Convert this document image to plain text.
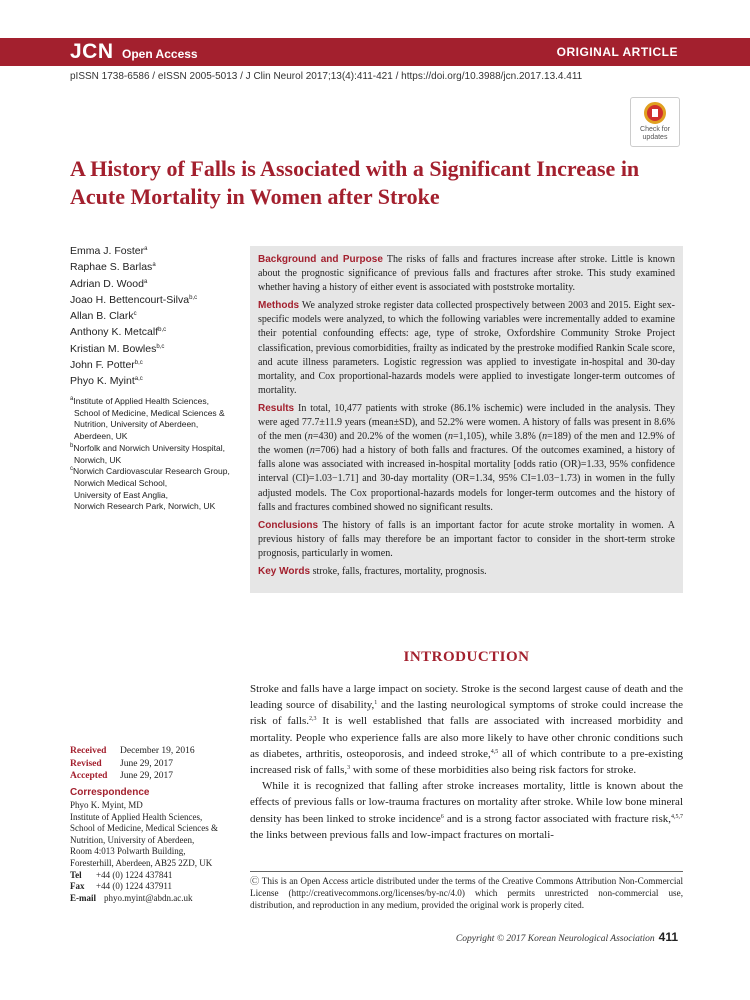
JCN Open Access	ORIGINAL ARTICLE
pISSN 1738-6586 / eISSN 2005-5013 / J Clin Neurol 2017;13(4):411-421 / https://doi.org/10.3988/jcn.2017.13.4.411
Check for
updates
A History of Falls is Associated with a Significant Increase in Acute Mortality in Women after Stroke
Emma J. Foster$^a$
Raphae S. Barlas$^a$
Adrian D. Wood$^a$
Joao H. Bettencourt-Silva$^{b,c}$
Allan B. Clark$^c$
Anthony K. Metcalf$^{b,c}$
Kristian M. Bowles$^{b,c}$
John F. Potter$^{b,c}$
Phyo K. Myint$^{a,c}$

$^a$Institute of Applied Health Sciences,
School of Medicine, Medical Sciences &
Nutrition, University of Aberdeen,
Aberdeen, UK

$^b$Norfolk and Norwich University Hospital,
Norwich, UK

$^c$Norwich Cardiovascular Research Group,
Norwich Medical School,
University of East Anglia,
Norwich Research Park, Norwich, UK

Background and Purpose The risks of falls and fractures increase after stroke. Little is known about the prognostic significance of previous falls and fractures after stroke. This study examined whether having a history of either event is associated with poststroke mortality.

Methods We analyzed stroke register data collected prospectively between 2003 and 2015. Eight sex-specific models were analyzed, to which the following variables were incrementally added to examine their potential confounding effects: age, type of stroke, Oxfordshire Community Stroke Project classification, previous comorbidities, frailty as indicated by the prestroke modified Rankin Scale score, and acute illness parameters. Logistic regression was applied to investigate in-hospital and 30-day mortality, and Cox proportional-hazards models were applied to investigate longer-term outcomes of mortality.

Results In total, 10,477 patients with stroke (86.1% ischemic) were included in the analysis. They were aged 77.7±11.9 years (mean±SD), and 52.2% were women. A history of falls was present in 8.6% of the men (n=430) and 20.2% of the women (n=1,105), while 3.8% (n=189) of the men and 12.9% of the women (n=706) had a history of both falls and fractures. Of the outcomes examined, a history of falls alone was associated with increased in-hospital mortality [odds ratio (OR)=1.33, 95% confidence interval (CI)=1.03−1.71] and 30-day mortality (OR=1.34, 95% CI=1.03−1.73) in women in the fully adjusted models. The Cox proportional-hazards models for longer-term outcomes and the history of falls and fractures combined showed no significant results.

Conclusions The history of falls is an important factor for acute stroke mortality in women. A previous history of falls may therefore be an important factor to consider in the short-term stroke prognosis, particularly in women.

Key Words stroke, falls, fractures, mortality, prognosis.

INTRODUCTION

Stroke and falls have a large impact on society. Stroke is the second largest cause of death and the leading source of disability,$^1$ and the lasting neurological symptoms of stroke could increase the risk of falls.$^{2,3}$ It is well established that falls are associated with increased morbidity and mortality. People who experience falls are also more likely to have other chronic conditions such as diabetes, arthritis, osteoporosis, and indeed stroke,$^{4,5}$ all of which contribute to a pre-existing increased risk of falls,$^3$ with some of these morbidities also being risk factors for stroke.

While it is recognized that falling after stroke increases mortality, little is known about the effects of previous falls or low-trauma fractures on mortality after stroke. While low bone mineral density has been linked to stroke incidence$^6$ and is a strong factor associated with fracture risk,$^{4,5,7}$ the links between previous falls and low-impact fractures on mortali-

Received	December 19, 2016
Revised	June 29, 2017
Accepted	June 29, 2017
Correspondence
Phyo K. Myint, MD
Institute of Applied Health Sciences,
School of Medicine, Medical Sciences &
Nutrition, University of Aberdeen,
Room 4:013 Polwarth Building,
Foresterhill, Aberdeen, AB25 2ZD, UK
Tel +44 (0) 1224 437841
Fax +44 (0) 1224 437911
E-mail phyo.myint@abdn.ac.uk
Ⓒ This is an Open Access article distributed under the terms of the Creative Commons Attribution Non-Commercial License (http://creativecommons.org/licenses/by-nc/4.0) which permits unrestricted non-commercial use, distribution, and reproduction in any medium, provided the original work is properly cited.
Copyright © 2017 Korean Neurological Association 411
